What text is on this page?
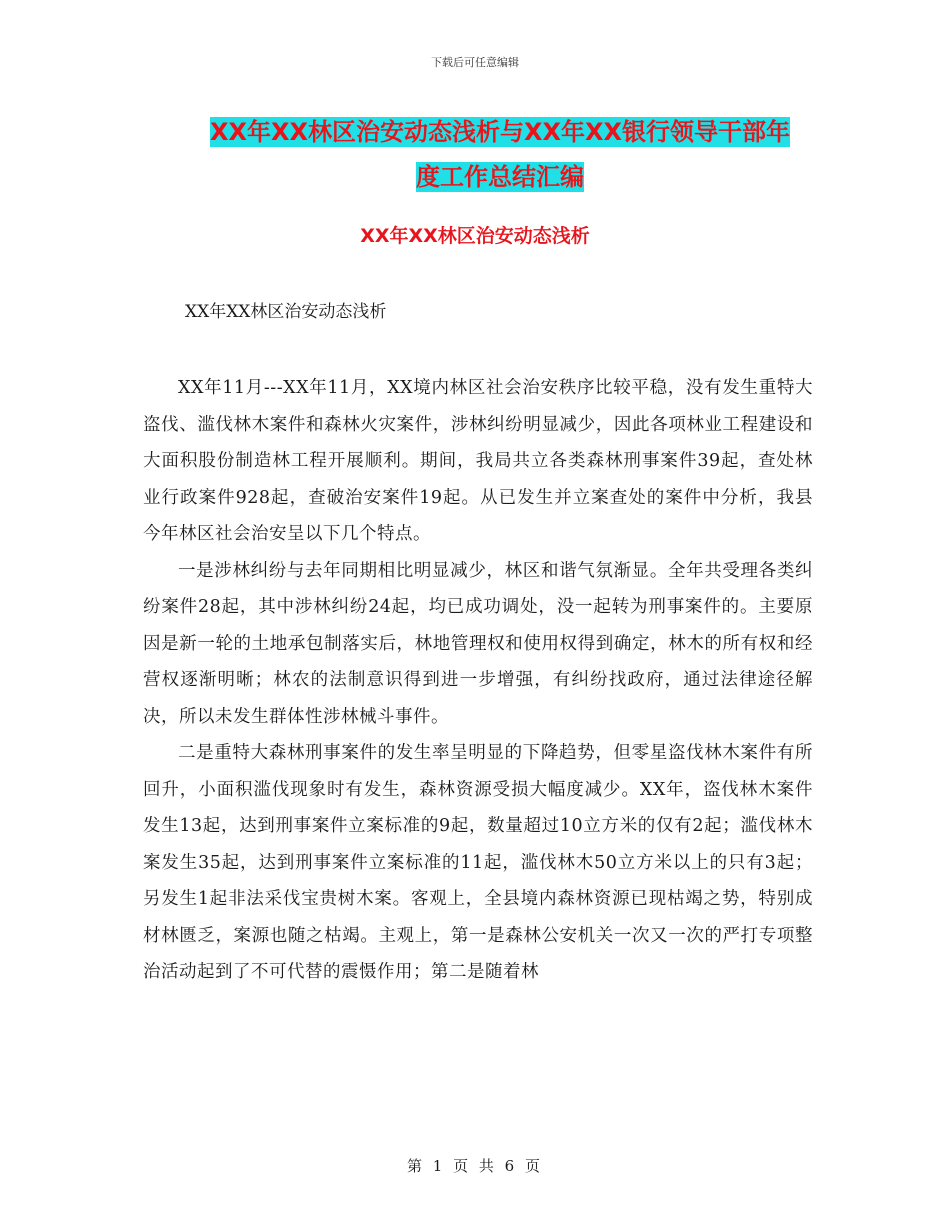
下载后可任意编辑
XX年XX林区治安动态浅析与XX年XX银行领导干部年
度工作总结汇编
XX年XX林区治安动态浅析
XX年XX林区治安动态浅析

XX年11月---XX年11月，XX境内林区社会治安秩序比较平稳，没有发生重特大盗伐、滥伐林木案件和森林火灾案件，涉林纠纷明显减少，因此各项林业工程建设和大面积股份制造林工程开展顺利。期间，我局共立各类森林刑事案件39起，查处林业行政案件928起，查破治安案件19起。从已发生并立案查处的案件中分析，我县今年林区社会治安呈以下几个特点。

一是涉林纠纷与去年同期相比明显减少，林区和谐气氛渐显。全年共受理各类纠纷案件28起，其中涉林纠纷24起，均已成功调处，没一起转为刑事案件的。主要原因是新一轮的土地承包制落实后，林地管理权和使用权得到确定，林木的所有权和经营权逐渐明晰；林农的法制意识得到进一步增强，有纠纷找政府，通过法律途径解决，所以未发生群体性涉林械斗事件。

二是重特大森林刑事案件的发生率呈明显的下降趋势，但零星盗伐林木案件有所回升，小面积滥伐现象时有发生，森林资源受损大幅度减少。XX年，盗伐林木案件发生13起，达到刑事案件立案标准的9起，数量超过10立方米的仅有2起；滥伐林木案发生35起，达到刑事案件立案标准的11起，滥伐林木50立方米以上的只有3起；另发生1起非法采伐宝贵树木案。客观上，全县境内森林资源已现枯竭之势，特别成材林匮乏，案源也随之枯竭。主观上，第一是森林公安机关一次又一次的严打专项整治活动起到了不可代替的震慑作用；第二是随着林

第 1 页 共 6 页
